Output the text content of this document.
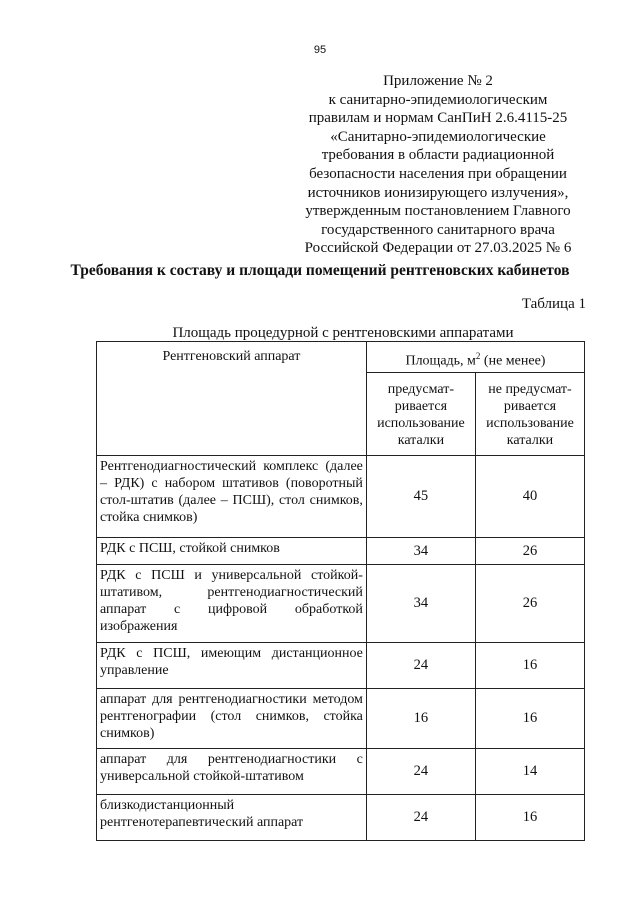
95
Приложение № 2
к санитарно-эпидемиологическим
правилам и нормам СанПиН 2.6.4115-25
«Санитарно-эпидемиологические
требования в области радиационной
безопасности населения при обращении
источников ионизирующего излучения»,
утвержденным постановлением Главного
государственного санитарного врача
Российской Федерации от 27.03.2025 № 6
Требования к составу и площади помещений рентгеновских кабинетов
Таблица 1
Площадь процедурной с рентгеновскими аппаратами
Рентгеновский аппарат	Площадь, $м^2$ (не менее)	
	предусмат- ривается использование каталки	не предусмат- ривается использование каталки
Рентгенодиагностический комплекс (далее – РДК) с набором штативов (поворотный стол-штатив (далее – ПСШ), стол снимков, стойка снимков)	45	40
РДК с ПСШ, стойкой снимков	34	26
РДК с ПСШ и универсальной стойкой-штативом, рентгенодиагностический аппарат с цифровой обработкой изображения	34	26
РДК с ПСШ, имеющим дистанционное управление	24	16
аппарат для рентгенодиагностики методом рентгенографии (стол снимков, стойка снимков)	16	16
аппарат для рентгенодиагностики с универсальной стойкой-штативом	24	14
близкодистанционный рентгенотерапевтический аппарат	24	16
